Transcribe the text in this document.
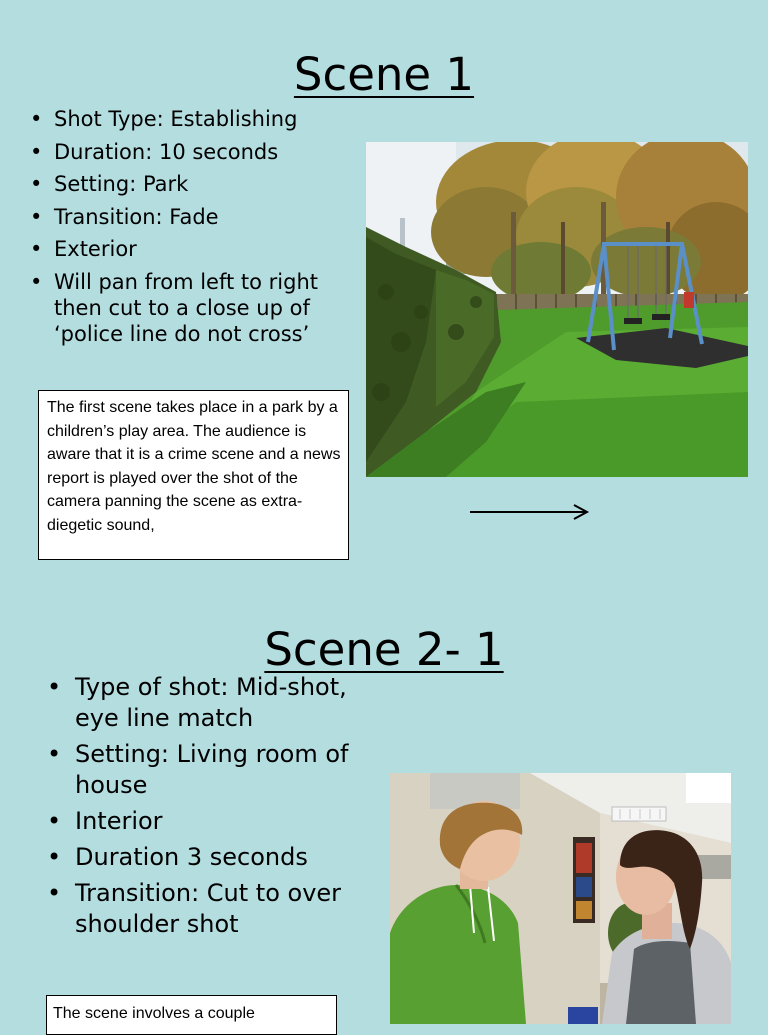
Scene 1
• Shot Type: Establishing
• Duration: 10 seconds
• Setting: Park
• Transition: Fade
• Exterior
• Will pan from left to right then cut to a close up of ‘police line do not cross’
The first scene takes place in a park by a children’s play area. The audience is aware that it is a crime scene and a news report is played over the shot of the camera panning the scene as extra-diegetic sound,
Scene 2- 1
• Type of shot: Mid-shot, eye line match
• Setting: Living room of house
• Interior
• Duration 3 seconds
• Transition: Cut to over shoulder shot
The scene involves a couple
